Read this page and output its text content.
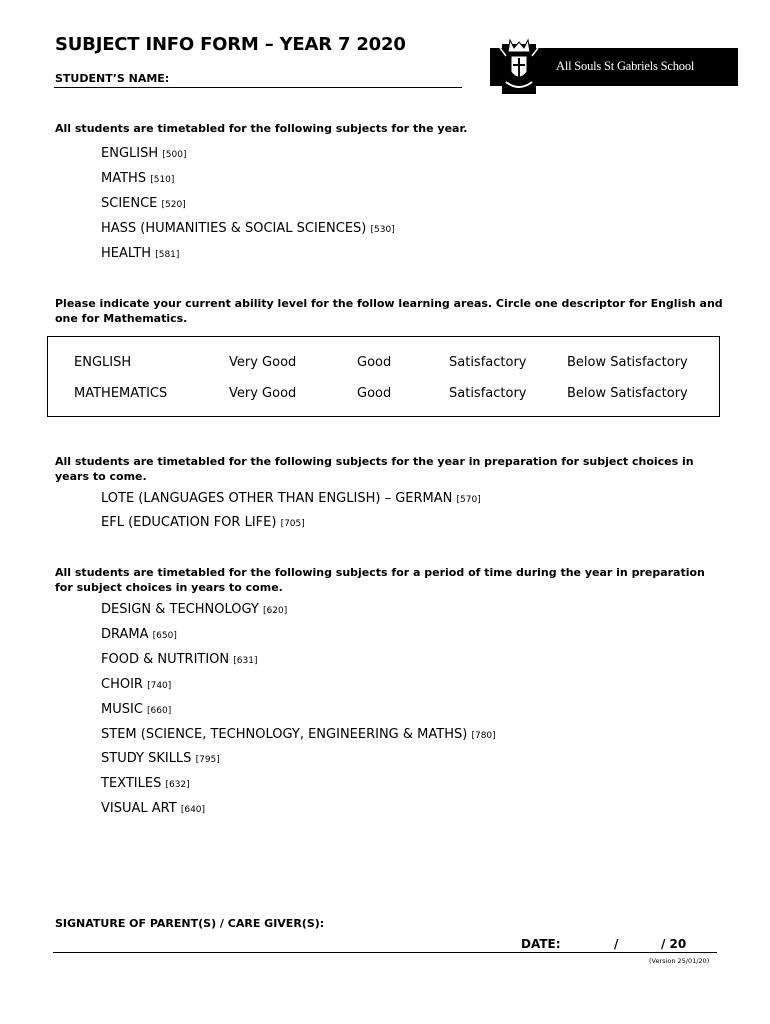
SUBJECT INFO FORM – YEAR 7 2020
STUDENT’S NAME:
All Souls St Gabriels School
All students are timetabled for the following subjects for the year.
ENGLISH [500]
MATHS [510]
SCIENCE [520]
HASS (HUMANITIES & SOCIAL SCIENCES) [530]
HEALTH [581]
Please indicate your current ability level for the follow learning areas. Circle one descriptor for English and one for Mathematics.
ENGLISH	Very Good	Good	Satisfactory	Below Satisfactory
MATHEMATICS	Very Good	Good	Satisfactory	Below Satisfactory
All students are timetabled for the following subjects for the year in preparation for subject choices in years to come.
LOTE (LANGUAGES OTHER THAN ENGLISH) – GERMAN [570]
EFL (EDUCATION FOR LIFE) [705]
All students are timetabled for the following subjects for a period of time during the year in preparation for subject choices in years to come.
DESIGN & TECHNOLOGY [620]
DRAMA [650]
FOOD & NUTRITION [631]
CHOIR [740]
MUSIC [660]
STEM (SCIENCE, TECHNOLOGY, ENGINEERING & MATHS) [780]
STUDY SKILLS [795]
TEXTILES [632]
VISUAL ART [640]
SIGNATURE OF PARENT(S) / CARE GIVER(S):
DATE:	/	/ 20
(Version 25/01/20)
